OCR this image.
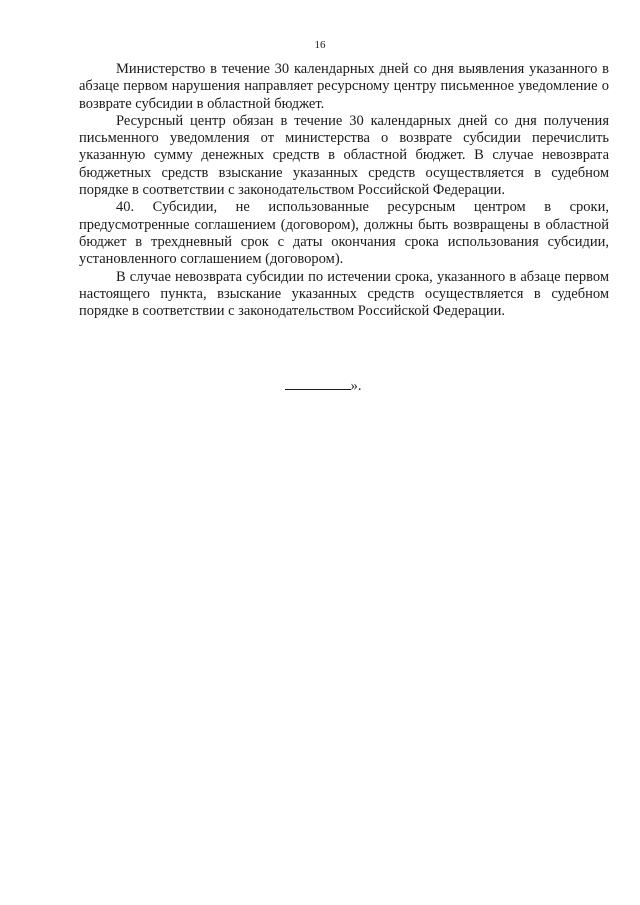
16

Министерство в течение 30 календарных дней со дня выявления указанного в абзаце первом нарушения направляет ресурсному центру письменное уведомление о возврате субсидии в областной бюджет.

Ресурсный центр обязан в течение 30 календарных дней со дня получения письменного уведомления от министерства о возврате субсидии перечислить указанную сумму денежных средств в областной бюджет. В случае невозврата бюджетных средств взыскание указанных средств осуществляется в судебном порядке в соответствии с законодательством Российской Федерации.

40. Субсидии, не использованные ресурсным центром в сроки, предусмотренные соглашением (договором), должны быть возвращены в областной бюджет в трехдневный срок с даты окончания срока использования субсидии, установленного соглашением (договором).

В случае невозврата субсидии по истечении срока, указанного в абзаце первом настоящего пункта, взыскание указанных средств осуществляется в судебном порядке в соответствии с законодательством Российской Федерации.

».
